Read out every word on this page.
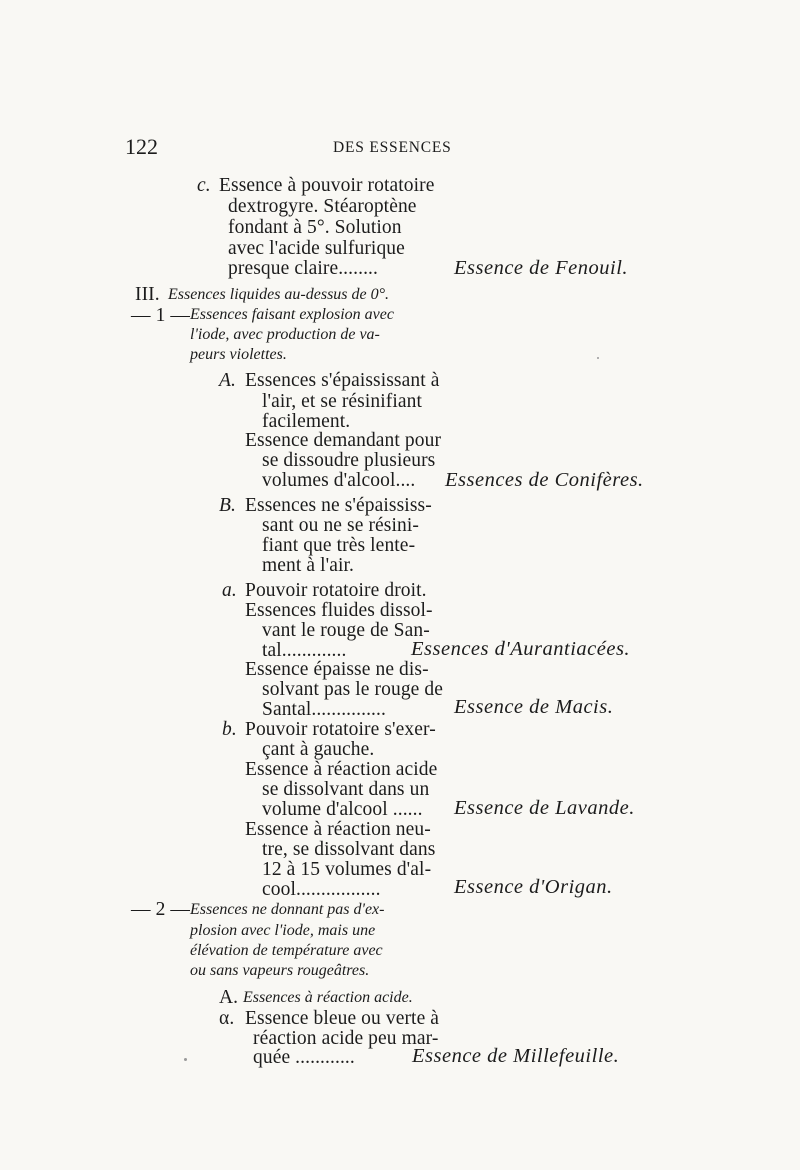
122	DES ESSENCES
c. Essence à pouvoir rotatoire
dextrogyre. Stéaroptène
fondant à 5°. Solution
avec l'acide sulfurique
presque claire........	Essence de Fenouil.
III. Essences liquides au-dessus de 0°.
— 1 — Essences faisant explosion avec
l'iode, avec production de va-
peurs violettes.
A. Essences s'épaississant à
l'air, et se résinifiant
facilement.
Essence demandant pour
se dissoudre plusieurs
volumes d'alcool.... Essences de Conifères.
B. Essences ne s'épaississ-
sant ou ne se résini-
fiant que très lente-
ment à l'air.
a. Pouvoir rotatoire droit.
Essences fluides dissol-
vant le rouge de San-
tal.............	Essences d'Aurantiacées.
Essence épaisse ne dis-
solvant pas le rouge de
Santal...............	Essence de Macis.
b. Pouvoir rotatoire s'exer-
çant à gauche.
Essence à réaction acide
se dissolvant dans un
volume d'alcool ...... Essence de Lavande.
Essence à réaction neu-
tre, se dissolvant dans
12 à 15 volumes d'al-
cool.................	Essence d'Origan.
— 2 — Essences ne donnant pas d'ex-
plosion avec l'iode, mais une
élévation de température avec
ou sans vapeurs rougeâtres.
A. Essences à réaction acide.
α. Essence bleue ou verte à
réaction acide peu mar-
quée ............	Essence de Millefeuille.
